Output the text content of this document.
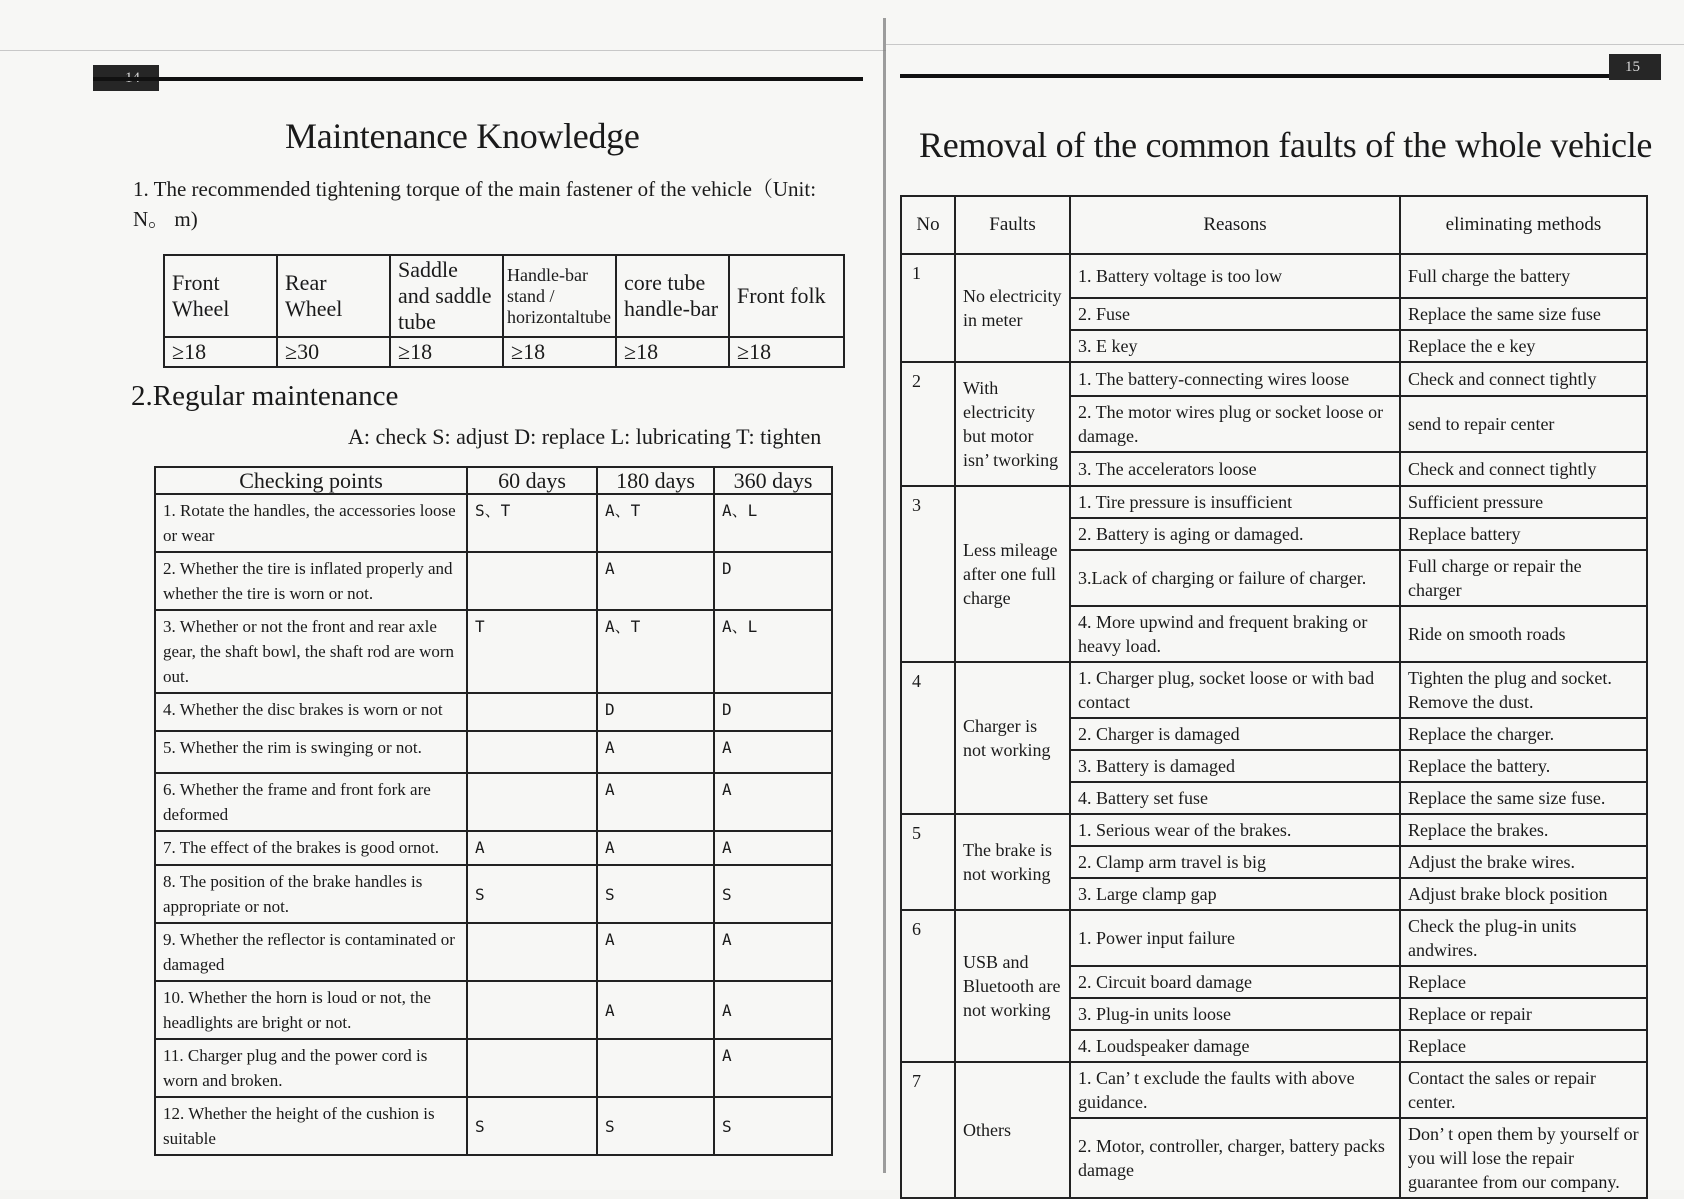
Maintenance Knowledge
1. The recommended tightening torque of the main fastener of the vehicle（Unit: N。 m)
Front Wheel	Rear Wheel	Saddle and saddle tube	Handle-bar stand / horizontaltube	core tube handle-bar	Front folk
≥18	≥30	≥18	≥18	≥18	≥18
2.Regular maintenance
A: check S: adjust D: replace L: lubricating T: tighten
Checking points	60 days	180 days	360 days
1. Rotate the handles, the accessories loose or wear	S、T	A、T	A、L
2. Whether the tire is inflated properly and whether the tire is worn or not.		A	D
3. Whether or not the front and rear axle gear, the shaft bowl, the shaft rod are worn out.	T	A、T	A、L
4. Whether the disc brakes is worn or not		D	D
5. Whether the rim is swinging or not.		A	A
6. Whether the frame and front fork are deformed		A	A
7. The effect of the brakes is good ornot.	A	A	A
8. The position of the brake handles is appropriate or not.	S	S	S
9. Whether the reflector is contaminated or damaged		A	A
10. Whether the horn is loud or not, the headlights are bright or not.		A	A
11. Charger plug and the power cord is worn and broken.			A
12. Whether the height of the cushion is suitable	S	S	S
15
Removal of the common faults of the whole vehicle
No	Faults	Reasons	eliminating methods
1	No electricity in meter	1. Battery voltage is too low	Full charge the battery
		2. Fuse	Replace the same size fuse
		3. E key	Replace the e key
2	With electricity but motor isn’ tworking	1. The battery-connecting wires loose	Check and connect tightly
		2. The motor wires plug or socket loose or damage.	send to repair center
		3. The accelerators loose	Check and connect tightly
3	Less mileage after one full charge	1. Tire pressure is insufficient	Sufficient pressure
		2. Battery is aging or damaged.	Replace battery
		3.Lack of charging or failure of charger.	Full charge or repair the charger
		4. More upwind and frequent braking or heavy load.	Ride on smooth roads
4	Charger is not working	1. Charger plug, socket loose or with bad contact	Tighten the plug and socket. Remove the dust.
		2. Charger is damaged	Replace the charger.
		3. Battery is damaged	Replace the battery.
		4. Battery set fuse	Replace the same size fuse.
5	The brake is not working	1. Serious wear of the brakes.	Replace the brakes.
		2. Clamp arm travel is big	Adjust the brake wires.
		3. Large clamp gap	Adjust brake block position
6	USB and Bluetooth are not working	1. Power input failure	Check the plug-in units andwires.
		2. Circuit board damage	Replace
		3. Plug-in units loose	Replace or repair
		4. Loudspeaker damage	Replace
7	Others	1. Can’ t exclude the faults with above guidance.	Contact the sales or repair center.
		2. Motor, controller, charger, battery packs damage	Don’ t open them by yourself or you will lose the repair guarantee from our company.
